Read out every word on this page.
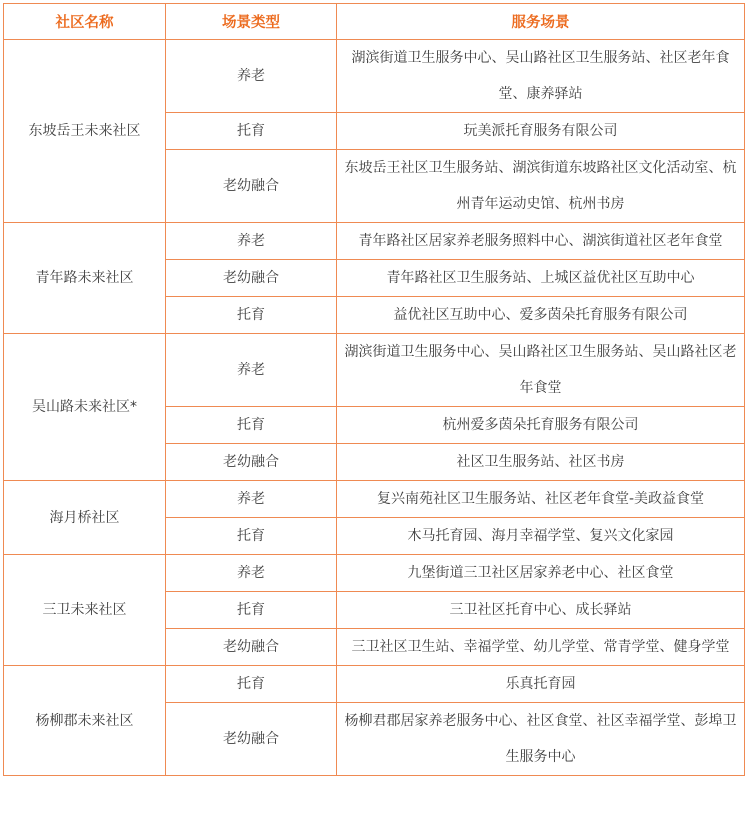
社区名称	场景类型	服务场景
东坡岳王未来社区	养老	湖滨街道卫生服务中心、吴山路社区卫生服务站、社区老年食堂、康养驿站
	托育	玩美派托育服务有限公司
	老幼融合	东坡岳王社区卫生服务站、湖滨街道东坡路社区文化活动室、杭州青年运动史馆、杭州书房
青年路未来社区	养老	青年路社区居家养老服务照料中心、湖滨街道社区老年食堂
	老幼融合	青年路社区卫生服务站、上城区益优社区互助中心
	托育	益优社区互助中心、爱多茵朵托育服务有限公司
吴山路未来社区*	养老	湖滨街道卫生服务中心、吴山路社区卫生服务站、吴山路社区老年食堂
	托育	杭州爱多茵朵托育服务有限公司
	老幼融合	社区卫生服务站、社区书房
海月桥社区	养老	复兴南苑社区卫生服务站、社区老年食堂-美政益食堂
	托育	木马托育园、海月幸福学堂、复兴文化家园
三卫未来社区	养老	九堡街道三卫社区居家养老中心、社区食堂
	托育	三卫社区托育中心、成长驿站
	老幼融合	三卫社区卫生站、幸福学堂、幼儿学堂、常青学堂、健身学堂
杨柳郡未来社区	托育	乐真托育园
	老幼融合	杨柳君郡居家养老服务中心、社区食堂、社区幸福学堂、彭埠卫生服务中心
